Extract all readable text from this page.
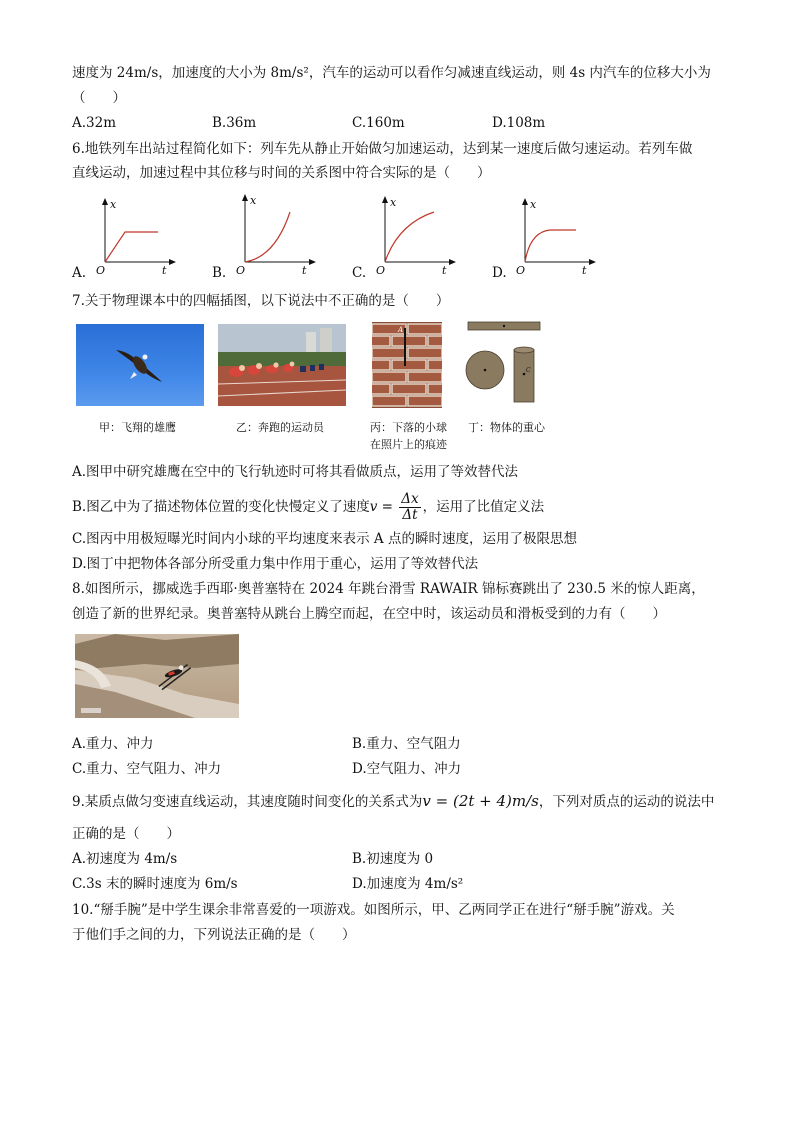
速度为 24m/s，加速度的大小为 8m/s²，汽车的运动可以看作匀减速直线运动，则 4s 内汽车的位移大小为
（　　）
A.32m	B.36m	C.160m	D.108m
6.地铁列车出站过程简化如下：列车先从静止开始做匀加速运动，达到某一速度后做匀速运动。若列车做
直线运动，加速过程中其位移与时间的关系图中符合实际的是（　　）
A.	B.	C.	D.
x
t
O
x
t
O
x
t
O
x
t
O
7.关于物理课本中的四幅插图，以下说法中不正确的是（　　）
A
C
甲：飞翔的雄鹰	乙：奔跑的运动员	丙：下落的小球
在照片上的痕迹
丁：物体的重心
A.图甲中研究雄鹰在空中的飞行轨迹时可将其看做质点，运用了等效替代法
B.图乙中为了描述物体位置的变化快慢定义了速度$v = \frac{\Delta x}{\Delta t}$ ，运用了比值定义法
C.图丙中用极短曝光时间内小球的平均速度来表示 A 点的瞬时速度，运用了极限思想
D.图丁中把物体各部分所受重力集中作用于重心，运用了等效替代法
8.如图所示，挪威选手西耶·奥普塞特在 2024 年跳台滑雪 RAWAIR 锦标赛跳出了 230.5 米的惊人距离，
创造了新的世界纪录。奥普塞特从跳台上腾空而起，在空中时，该运动员和滑板受到的力有（　　）
A.重力、冲力	B.重力、空气阻力
C.重力、空气阻力、冲力	D.空气阻力、冲力
9.某质点做匀变速直线运动，其速度随时间变化的关系式为v = (2t + 4)m/s，下列对质点的运动的说法中
正确的是（　　）
A.初速度为 4m/s	B.初速度为 0
C.3s 末的瞬时速度为 6m/s	D.加速度为 4m/s²
10.“掰手腕”是中学生课余非常喜爱的一项游戏。如图所示，甲、乙两同学正在进行“掰手腕”游戏。关
于他们手之间的力，下列说法正确的是（　　）
